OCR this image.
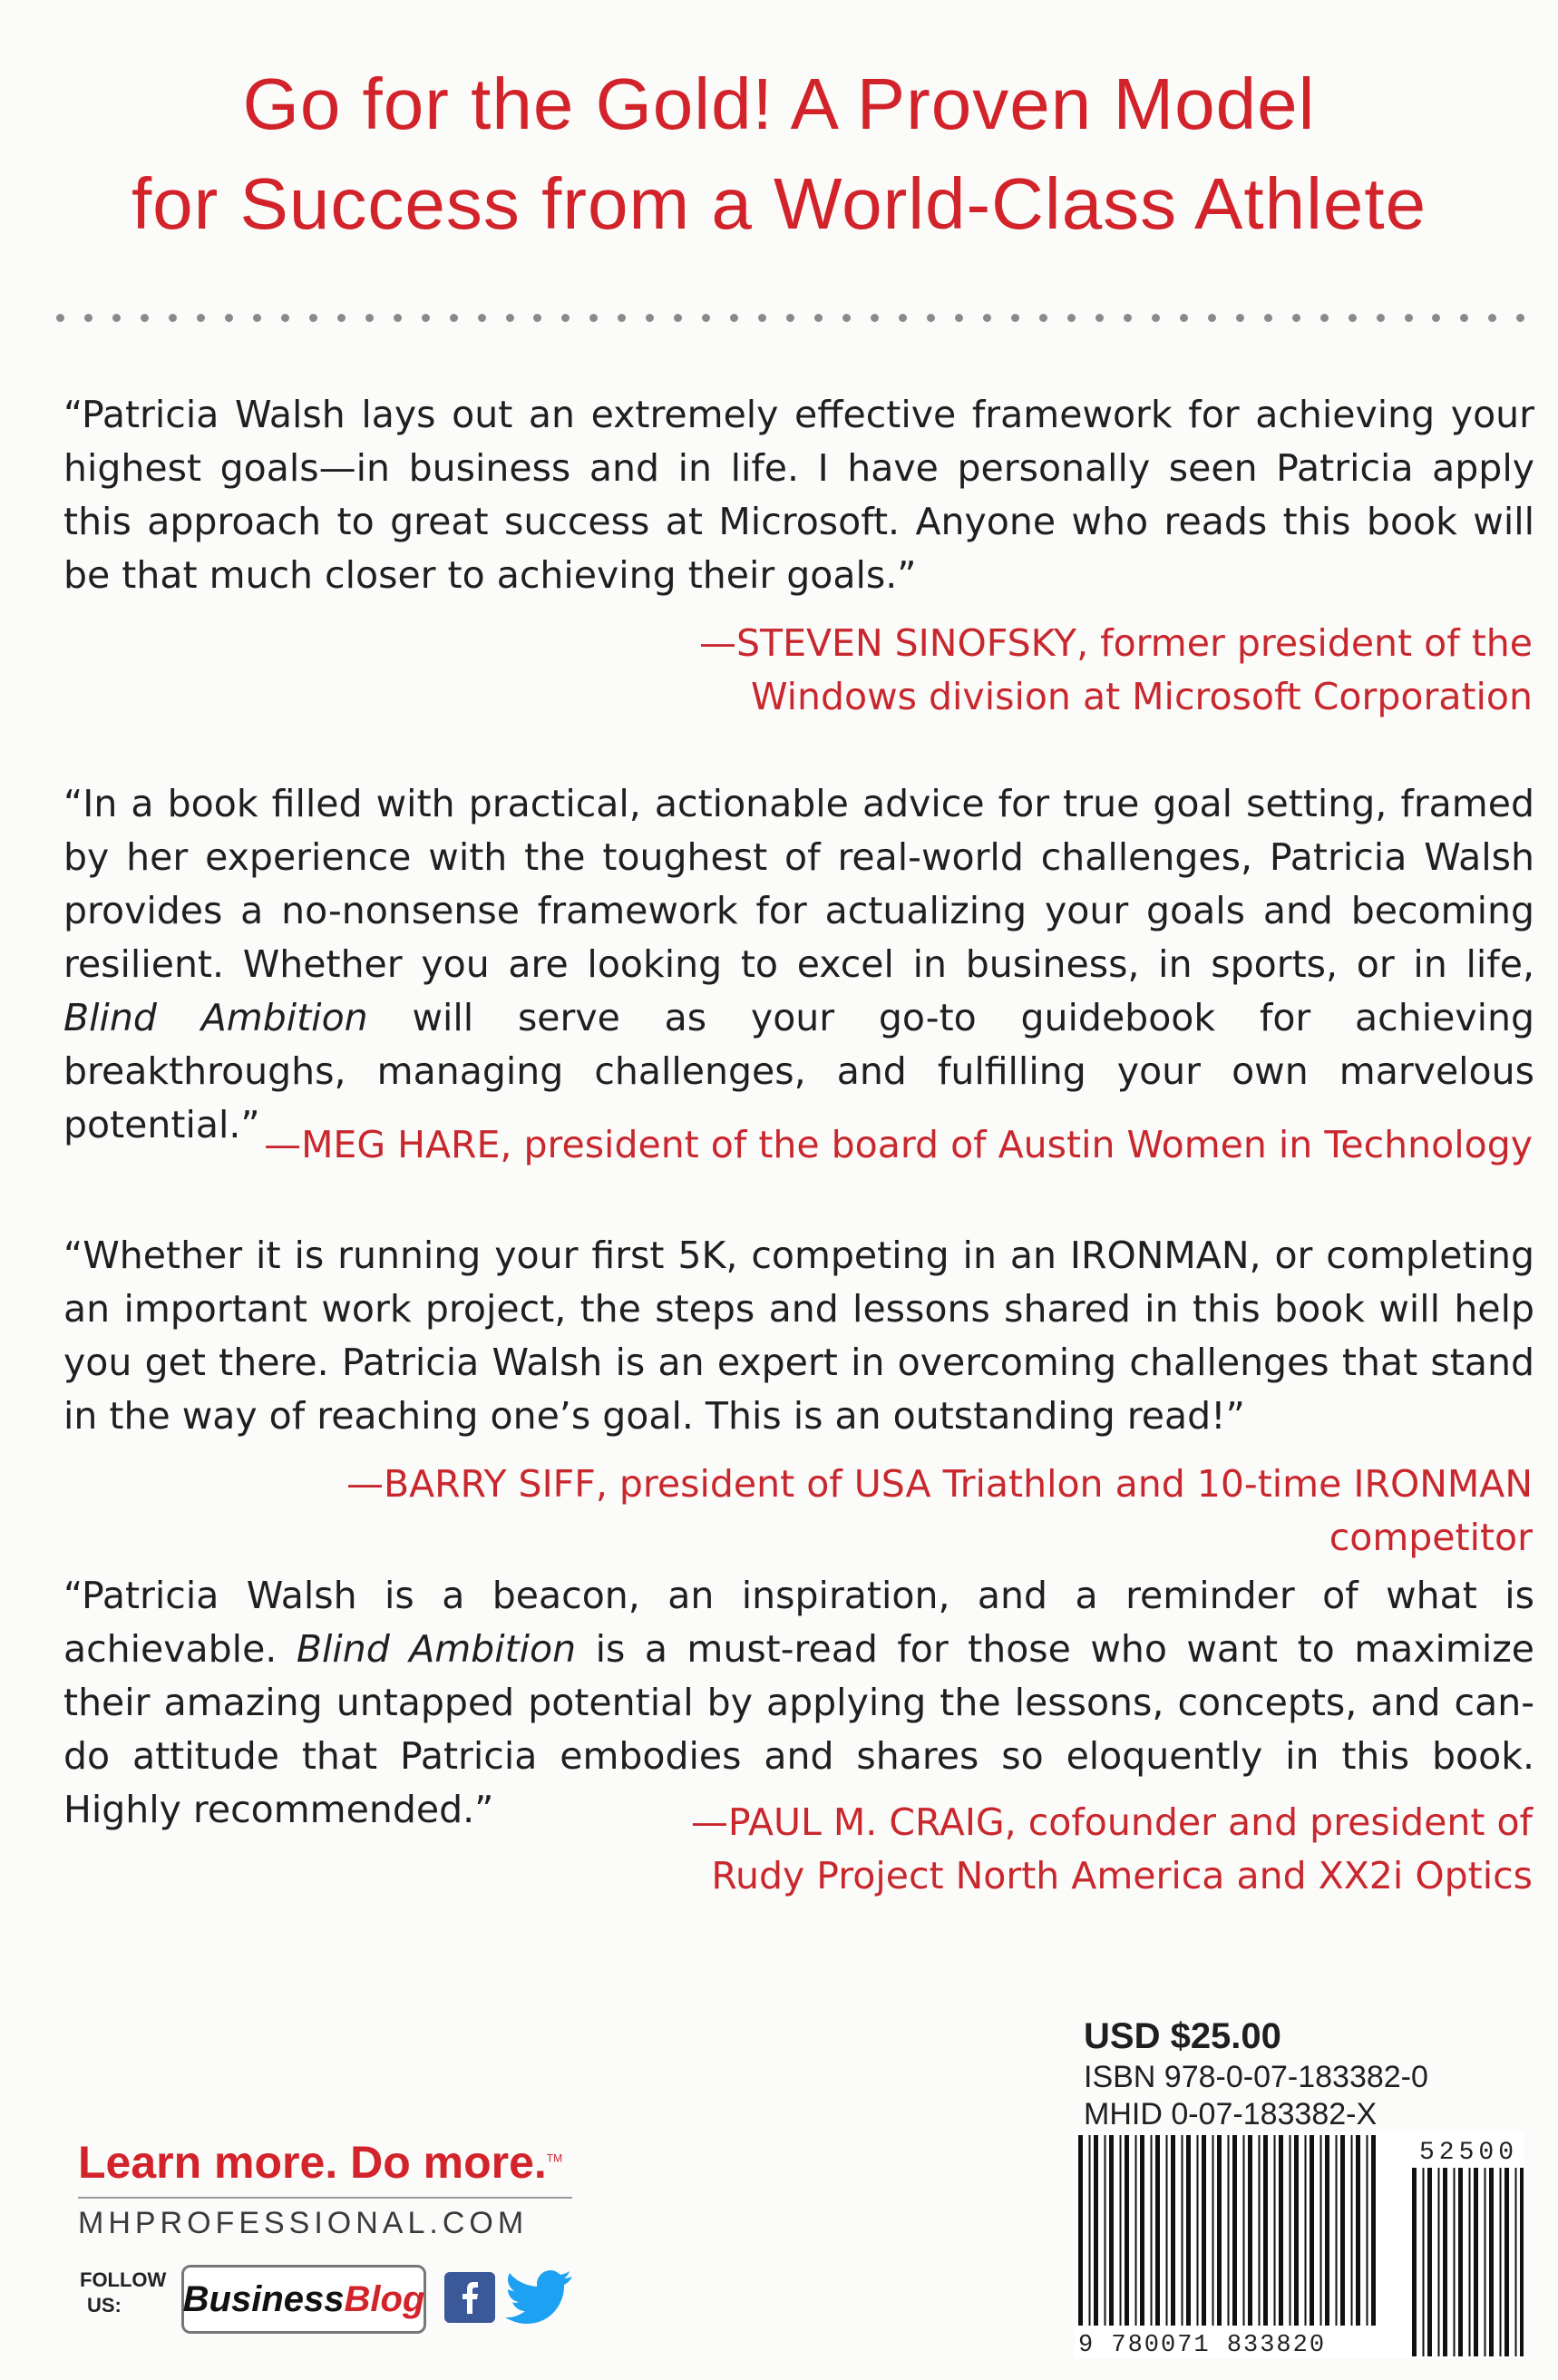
Go for the Gold! A Proven Model
for Success from a World-Class Athlete
“Patricia Walsh lays out an extremely effective framework for achieving your highest goals—in business and in life. I have personally seen Patricia apply this approach to great success at Microsoft. Anyone who reads this book will be that much closer to achieving their goals.”
—STEVEN SINOFSKY, former president of the
Windows division at Microsoft Corporation
“In a book filled with practical, actionable advice for true goal setting, framed by her experience with the toughest of real-world challenges, Patricia Walsh provides a no-nonsense framework for actualizing your goals and becoming resilient. Whether you are looking to excel in business, in sports, or in life, Blind Ambition will serve as your go-to guidebook for achieving breakthroughs, managing challenges, and fulfilling your own marvelous potential.” —MEG HARE, president of the board of Austin Women in Technology
“Whether it is running your first 5K, competing in an IRONMAN, or completing an important work project, the steps and lessons shared in this book will help you get there. Patricia Walsh is an expert in overcoming challenges that stand in the way of reaching one’s goal. This is an outstanding read!”
—BARRY SIFF, president of USA Triathlon and 10-time IRONMAN competitor
“Patricia Walsh is a beacon, an inspiration, and a reminder of what is achievable. Blind Ambition is a must-read for those who want to maximize their amazing untapped potential by applying the lessons, concepts, and can-do attitude that Patricia embodies and shares so eloquently in this book. Highly recommended.”	—PAUL M. CRAIG, cofounder and president of
Rudy Project North America and XX2i Optics
USD $25.00
ISBN 978-0-07-183382-0
MHID 0-07-183382-X
52500
9 780071 833820
Learn more. Do more.™
MHPROFESSIONAL.COM
FOLLOW
US:	Business Blog
